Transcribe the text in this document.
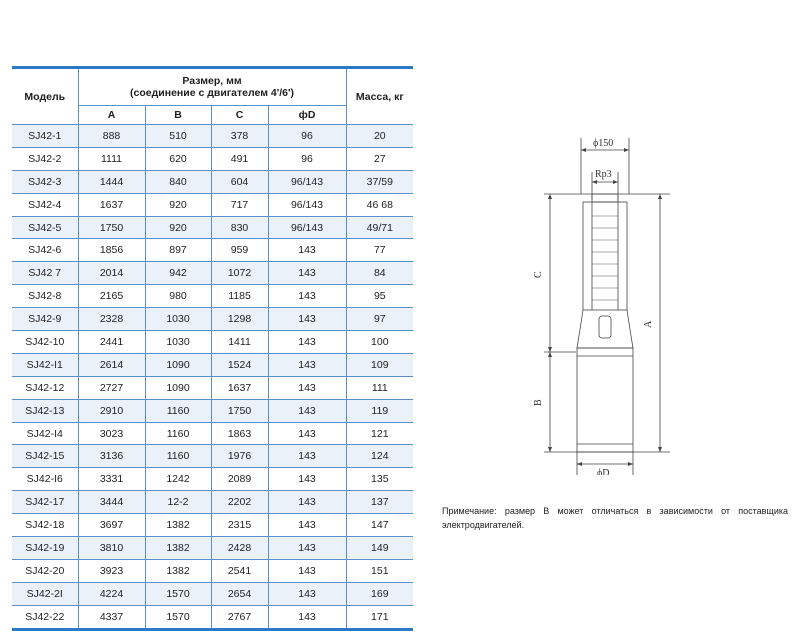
Модель	Размер, мм
(соединение с двигателем 4'/6')				Масса, кг
	A	B	C	фD	
SJ42-1	888	510	378	96	20
SJ42-2	1111	620	491	96	27
SJ42-3	1444	840	604	96/143	37/59
SJ42-4	1637	920	717	96/143	46 68
SJ42-5	1750	920	830	96/143	49/71
SJ42-6	1856	897	959	143	77
SJ42 7	2014	942	1072	143	84
SJ42-8	2165	980	1185	143	95
SJ42-9	2328	1030	1298	143	97
SJ42-10	2441	1030	1411	143	100
SJ42-I1	2614	1090	1524	143	109
SJ42-12	2727	1090	1637	143	111
SJ42-13	2910	1160	1750	143	119
SJ42-I4	3023	1160	1863	143	121
SJ42-15	3136	1160	1976	143	124
SJ42-I6	3331	1242	2089	143	135
SJ42-17	3444	12-2	2202	143	137
SJ42-18	3697	1382	2315	143	147
SJ42-19	3810	1382	2428	143	149
SJ42-20	3923	1382	2541	143	151
SJ42-2I	4224	1570	2654	143	169
SJ42-22	4337	1570	2767	143	171
ϕ150
Rp3
C
A
B
ϕD
Примечание: размер B может отличаться в зависимости от поставщика электродвигателей.
